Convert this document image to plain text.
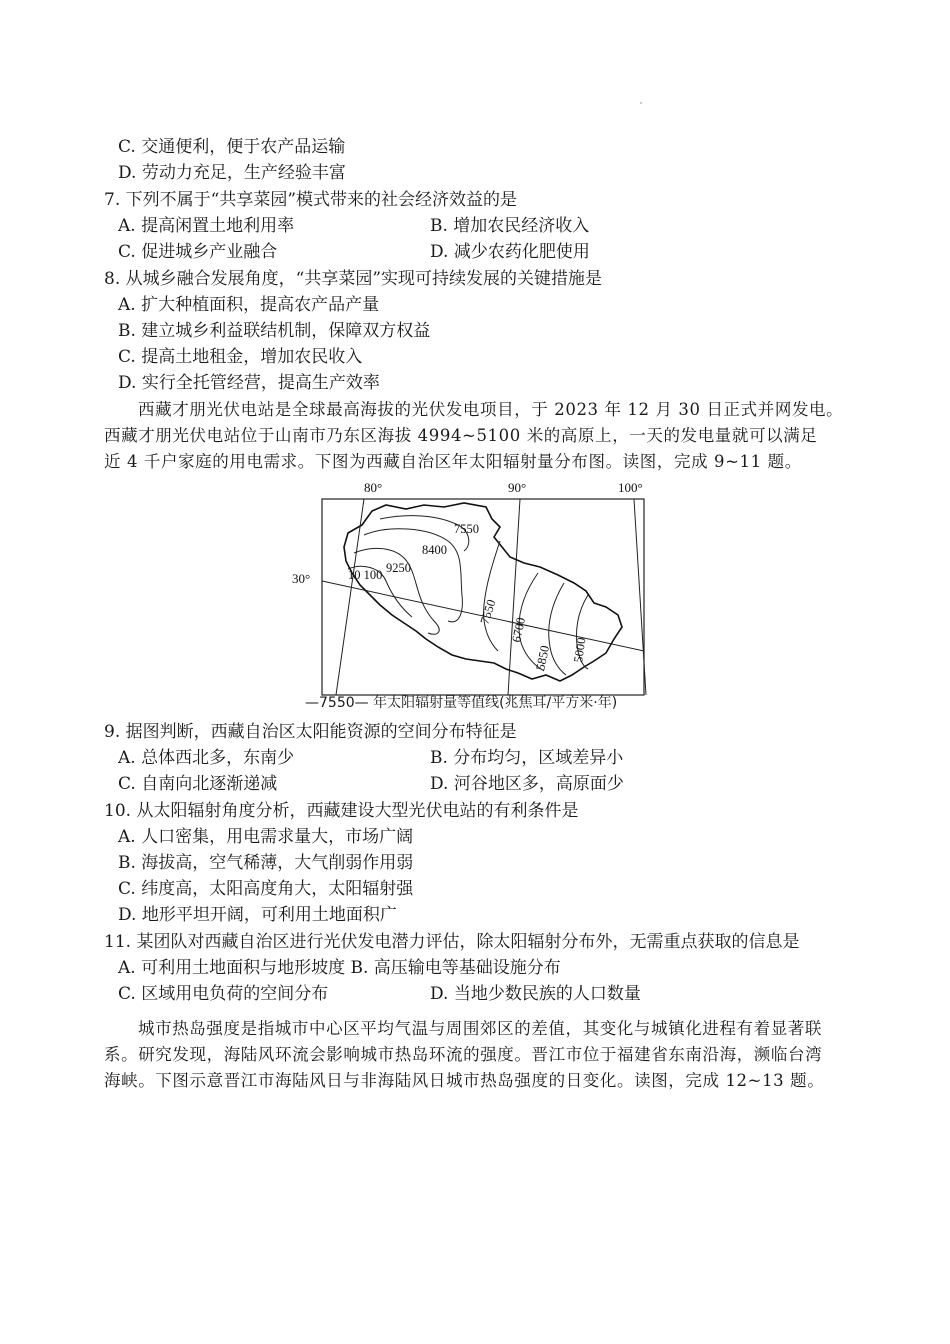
C. 交通便利，便于农产品运输
D. 劳动力充足，生产经验丰富
7. 下列不属于“共享菜园”模式带来的社会经济效益的是
A. 提高闲置土地利用率	B. 增加农民经济收入
C. 促进城乡产业融合	D. 减少农药化肥使用
8. 从城乡融合发展角度，“共享菜园”实现可持续发展的关键措施是
A. 扩大种植面积，提高农产品产量
B. 建立城乡利益联结机制，保障双方权益
C. 提高土地租金，增加农民收入
D. 实行全托管经营，提高生产效率
西藏才朋光伏电站是全球最高海拔的光伏发电项目，于 2023 年 12 月 30 日正式并网发电。
西藏才朋光伏电站位于山南市乃东区海拔 4994~5100 米的高原上，一天的发电量就可以满足
近 4 千户家庭的用电需求。下图为西藏自治区年太阳辐射量分布图。读图，完成 9~11 题。
80°	90°	100°
30°
7550
8400
9250
10 100
7550
6700
5850 5000
—7550— 年太阳辐射量等值线(兆焦耳/平方米·年)
9. 据图判断，西藏自治区太阳能资源的空间分布特征是
A. 总体西北多，东南少	B. 分布均匀，区域差异小
C. 自南向北逐渐递减	D. 河谷地区多，高原面少
10. 从太阳辐射角度分析，西藏建设大型光伏电站的有利条件是
A. 人口密集，用电需求量大，市场广阔
B. 海拔高，空气稀薄，大气削弱作用弱
C. 纬度高，太阳高度角大，太阳辐射强
D. 地形平坦开阔，可利用土地面积广
11. 某团队对西藏自治区进行光伏发电潜力评估，除太阳辐射分布外，无需重点获取的信息是
A. 可利用土地面积与地形坡度 B. 高压输电等基础设施分布
C. 区域用电负荷的空间分布	D. 当地少数民族的人口数量
城市热岛强度是指城市中心区平均气温与周围郊区的差值，其变化与城镇化进程有着显著联
系。研究发现，海陆风环流会影响城市热岛环流的强度。晋江市位于福建省东南沿海，濒临台湾
海峡。下图示意晋江市海陆风日与非海陆风日城市热岛强度的日变化。读图，完成 12~13 题。
